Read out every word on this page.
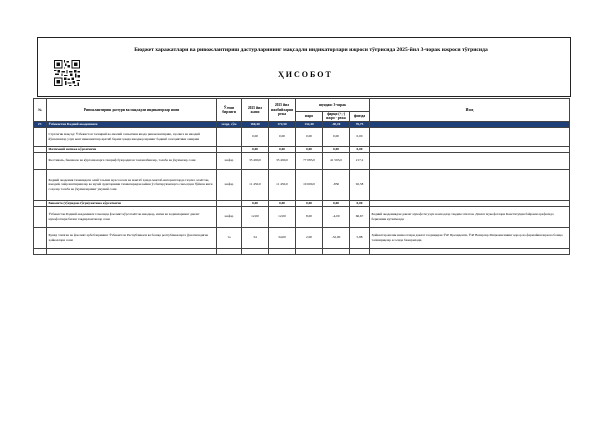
Бюджет харажатлари ва ривожлантириш дастурларининг мақсадли индикаторлари ижроси тўғрисида 2025-йил 3-чорак ижроси тўғрисида
ҲИСОБОТ
№	Ривожлантириш дастури ва мақсадли индикаторлар номи	Ўлчов бирлиги	2025 йил жами	2025 йил ижобийларни режа	шундан: 3-чорак			Изоҳ
					ижро	фарқи (+,-) ижро - режа	фоизда	
27.	Ўзбекистон Бадиий академияси	млрд. сўм	160,40	172,50	132,40	-40,10	76,75	
	Стратегик мақсад: Ўзбекистон тасвирий ва амалий санъатини янада ривожлантириш, аҳолига ва ижодий йўналишлар учун кенг имкониятлар яратиб бериш ҳамда ижодкорларнинг бадиий салоҳиятини ошириш		0,00	0,00	0,00	0,00	0,00	
	Ижтимоий натижа кўрсаткичи		0,00	0,00	0,00	0,00	0,00	
	Фестиваль, биеннале ва кўргазмаларга ташриф буюрадиган томошабинлар, талаба ва ўқувчилар сони	нафар	35 490,0	35 490,0	77 083,0	41 593,0	217,2	
	Бадиий академия тизимидаги олий таълим муассасаси ва мактаб ҳамда мактаб-интернатларда таҳсил олаётган, ижодий, хайрлаштиришлар ва музей аудиторияни тизимларидан кейин ўз битирувчиларга санъатдан бўйича янги соҳалар талаба ва ўқувчиларнинг умумий сони	нафар	11 450,0	11 450,0	10 600,0	-850	92,58	
	Бевосита (тўғридан-тўғри) натижа кўрсаткичи		0,00	0,00	0,00	0,00	0,00	
	Ўзбекистон Бадиий академияси томонида фаолият кўрсатаётган ижодкор, ишчи ва ходимларнинг давлат мукофотлари билан тақдирланганлар сони	нафар	12,00	12,00	8,00	-4,00	66,67	Бадиий академиядан давлат мукофоти учун номзодлар тақдим этилган. Давлат мукофотлари Конституция байрами арафасида берилиши кутилмоқда
	Бунёд этилган ва фаолият арбобларининг Ўзбекистон Республикаси ва бошқа республикаларга ўрнатиладиган ҳайкаллари сони	та	34	34,00	2,00	-32,00	5,88	Ҳайкалтарошлик иншоотлари давлат тасдиқидан ЎзР Президенти, ЎзР Вазирлар Маҳкамасининг қарор ва фармойишлари ва бошқа топшириқлар асосида бажарилади.
